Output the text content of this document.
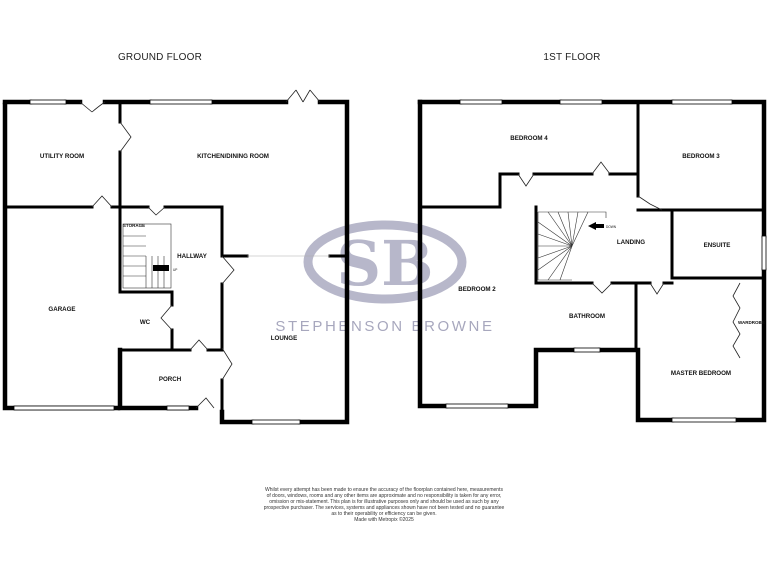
SB
STEPHENSON BROWNE
GROUND FLOOR
UP
UTILITY ROOM	KITCHEN/DINING ROOM
GARAGE
STORAGE
HALLWAY
WC
LOUNGE
PORCH
1ST FLOOR
DOWN
BEDROOM 4
BEDROOM 3
BEDROOM 2
LANDING	ENSUITE
BATHROOM
WARDROBE
MASTER BEDROOM
Whilst every attempt has been made to ensure the accuracy of the floorplan contained here, measurements
of doors, windows, rooms and any other items are approximate and no responsibility is taken for any error,
omission or mis-statement. This plan is for illustrative purposes only and should be used as such by any
prospective purchaser. The services, systems and appliances shown have not been tested and no guarantee
as to their operability or efficiency can be given.
Made with Metropix ©2025
